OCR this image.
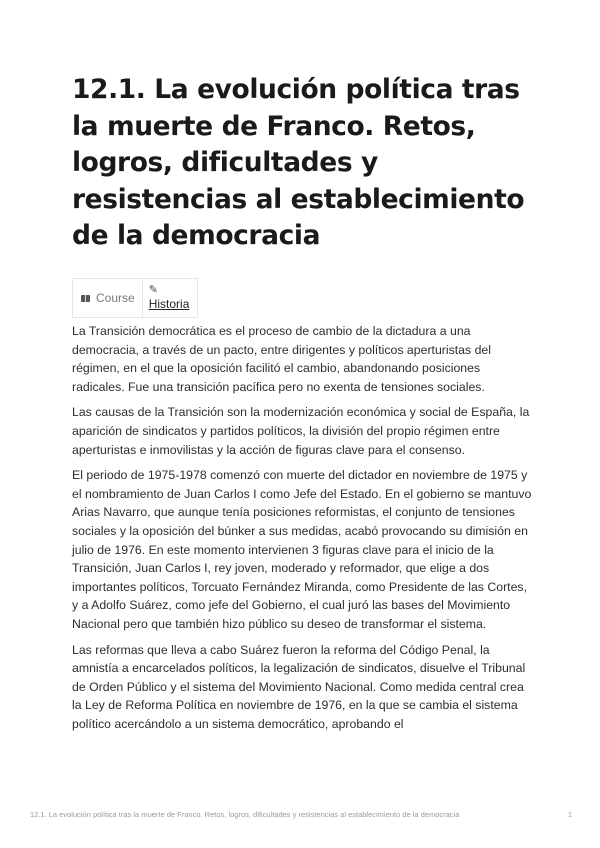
12.1. La evolución política tras la muerte de Franco. Retos, logros, dificultades y resistencias al establecimiento de la democracia
Course
✎
Historia

La Transición democrática es el proceso de cambio de la dictadura a una democracia, a través de un pacto, entre dirigentes y políticos aperturistas del régimen, en el que la oposición facilitó el cambio, abandonando posiciones radicales. Fue una transición pacífica pero no exenta de tensiones sociales.

Las causas de la Transición son la modernización económica y social de España, la aparición de sindicatos y partidos políticos, la división del propio régimen entre aperturistas e inmovilistas y la acción de figuras clave para el consenso.

El periodo de 1975-1978 comenzó con muerte del dictador en noviembre de 1975 y el nombramiento de Juan Carlos I como Jefe del Estado. En el gobierno se mantuvo Arias Navarro, que aunque tenía posiciones reformistas, el conjunto de tensiones sociales y la oposición del búnker a sus medidas, acabó provocando su dimisión en julio de 1976. En este momento intervienen 3 figuras clave para el inicio de la Transición, Juan Carlos I, rey joven, moderado y reformador, que elige a dos importantes políticos, Torcuato Fernández Miranda, como Presidente de las Cortes, y a Adolfo Suárez, como jefe del Gobierno, el cual juró las bases del Movimiento Nacional pero que también hizo público su deseo de transformar el sistema.

Las reformas que lleva a cabo Suárez fueron la reforma del Código Penal, la amnistía a encarcelados políticos, la legalización de sindicatos, disuelve el Tribunal de Orden Público y el sistema del Movimiento Nacional. Como medida central crea la Ley de Reforma Política en noviembre de 1976, en la que se cambia el sistema político acercándolo a un sistema democrático, aprobando el

12.1. La evolución política tras la muerte de Franco. Retos, logros, dificultades y resistencias al establecimiento de la democracia	1
